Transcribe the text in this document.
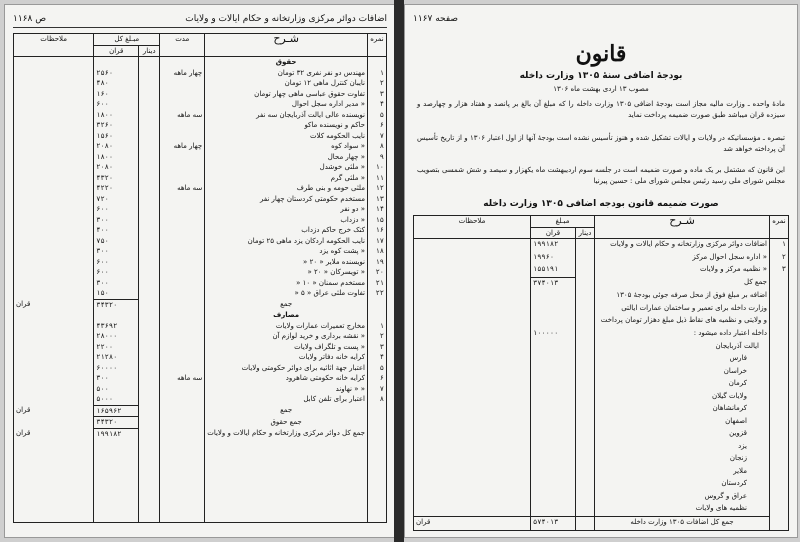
اضافات دوائر مرکزی وزارتخانه و حکام ایالات و ولایات
ص ۱۱۶۸
نمره	شـرح	مدت	مبـلغ کل		ملاحظات
			دینار	قران	
	حقوق				
۱	مهندس دو نفر نفری ۳۲ تومان	چهار ماهه		۲۵۶۰	
۲	نایبان کنترل ماهی ۱۲ تومان			۴۸۰	
۳	تفاوت حقوق عباسی ماهی چهار تومان			۱۶۰	
۴	« مدیر اداره سجل احوال			۶۰۰	
۵	نویسنده عالی ایالت آذربایجان سه نفر	سه ماهه		۱۸۰۰	
۶	حاکم و نویسنده ماکو			۳۲۶۰	
۷	نایب الحکومه کلات			۱۵۶۰	
۸	« سواد کوه	چهار ماهه		۲۰۸۰	
۹	« چهار محال			۱۸۰۰	
۱۰	« ملثی خوشدل			۲۰۸۰	
۱۱	« ملثی گرم			۴۳۲۰	
۱۲	ملثی حومه و بنی طرف	سه ماهه		۴۲۲۰	
۱۳	مستخدم حکومتی کردستان چهار نفر			۷۲۰	
۱۴	« دو نفر			۶۰۰	
۱۵	« دزداب			۳۰۰	
۱۶	کتک خرج حاکم دزداب			۴۰۰	
۱۷	نایب الحکومه اردکان یزد ماهی ۲۵ تومان			۷۵۰	
۱۸	« پشت کوه یزد			۳۰۰	
۱۹	نویسنده ملایر « ۲۰ «			۶۰۰	
۲۰	« تویسرکان « ۲۰ «			۶۰۰	
۲۱	مستخدم سمنان « ۱۰ «			۳۰۰	
۲۲	تفاوت ملثی عراق « ۵ «			۱۵۰	
	جمع			۳۴۳۲۰	قران
	مصارف				
۱	مخارج تعمیرات عمارات ولایات			۴۳۶۹۲	
۲	« نقشه برداری و خرید لوازم آن			۲۸۰۰۰	
۳	« پست و تلگراف ولایات			۲۲۰۰	
۴	کرایه خانه دفاتر ولایات			۲۱۲۸۰	
۵	اعتبار جهة اثاثیه برای دوائر حکومتی ولایات			۶۰۰۰۰	
۶	کرایه خانه حکومتی شاهرود	سه ماهه		۳۰۰	
۷	« « نهاوند			۵۰۰	
۸	اعتبار برای تلفن کابل			۵۰۰۰	
	جمع			۱۶۵۹۶۲	قران
	جمع حقوق			۳۴۳۲۰	
	جمع کل دوائر مرکزی وزارتخانه و حکام ایالات و ولایات			۱۹۹۱۸۲	قران

صفحه ۱۱۶۷
قانون
بودجهٔ اضافی سنهٔ ۱۳۰۵ وزارت داخله
مصوب ۱۳ اردی بهشت ماه ۱۳۰۶
مادهٔ واحده ـ وزارت مالیه مجاز است بودجهٔ اضافی ۱۳۰۵ وزارت داخله را که مبلغ آن بالغ بر پانصد و هفتاد هزار و چهارصد و سیزده قران میباشد طبق صورت ضمیمه پرداخت نماید
تبصره ـ مؤسساتیکه در ولایات و ایالات تشکیل شده و هنوز تأسیس نشده است بودجهٔ آنها از اول اعتبار ۱۳۰۶ و از تاریخ تأسیس آن پرداخته خواهد شد
این قانون که مشتمل بر یک ماده و صورت ضمیمه است در جلسه سوم اردیبهشت ماه یکهزار و سیصد و شش شمسی بتصویب مجلس شورای ملی رسید رئیس مجلس شورای ملی : حسین پیرنیا
صورت ضمیمه قانون بودجه اضافی ۱۳۰۵ وزارت داخله
نمره	شـرح	مبـلغ		ملاحظات
		دینار	قران	
۱	اضافات دوائر مرکزی وزارتخانه و حکام ایالات و ولایات		۱۹۹۱۸۲	
۲	« اداره سجل احوال مرکز		۱۹۹۶۰	
۳	« نظمیه مرکز و ولایات		۱۵۵۱۹۱	
	جمع کل		۳۷۴۰۱۳	
	اضافه بر مبلغ فوق از محل صرفه جوئی بودجهٔ ۱۳۰۵			
	وزارت داخله برای تعمیر و ساختمان عمارات ایالتی			
	و ولایتی و نظمیه های نقاط ذیل مبلغ دهزار تومان پرداخت			
	داخله اعتبار داده میشود :		۱۰۰۰۰۰	
	ایالت آذربایجان			
	فارس			
	خراسان			
	کرمان			
	ولایات گیلان			
	کرمانشاهان			
	اصفهان			
	قزوین			
	یزد			
	زنجان			
	ملایر			
	کردستان			
	عراق و گروس			
	نظمیه های ولایات			
	جمع کل اضافات ۱۳۰۵ وزارت داخله		۵۷۴۰۱۳	قران
